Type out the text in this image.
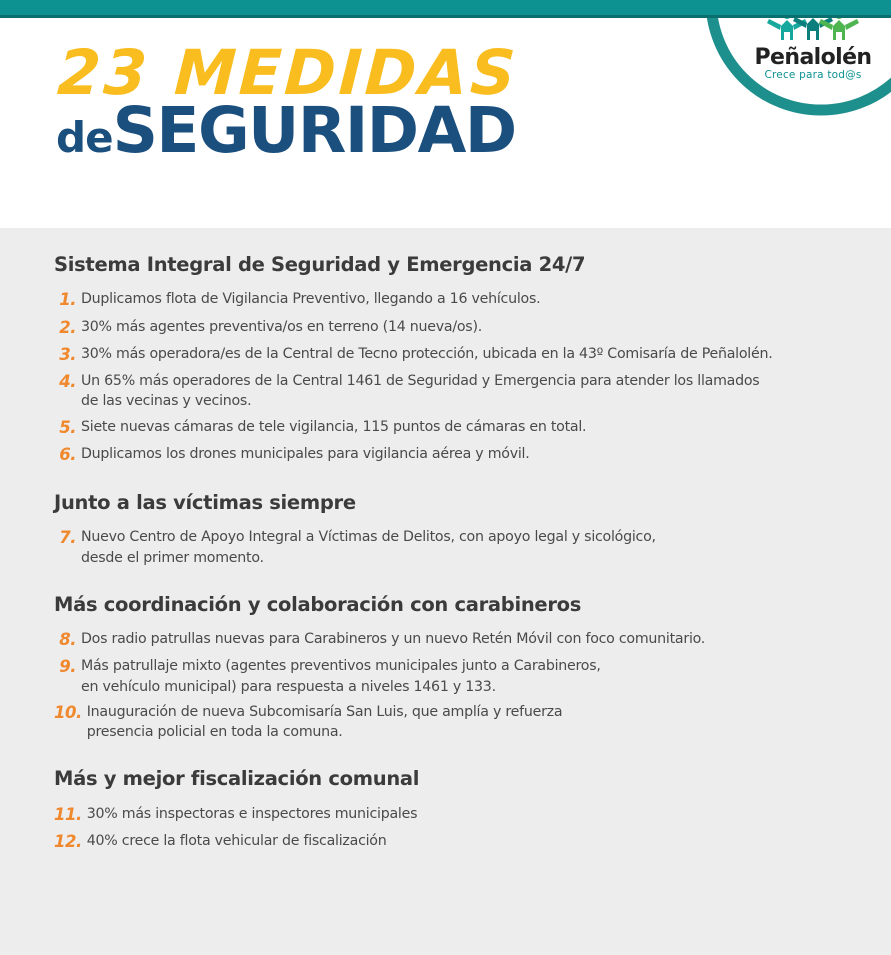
Peñalolén
Crece para tod@s
23 MEDIDAS
deSEGURIDAD
Sistema Integral de Seguridad y Emergencia 24/7
1. Duplicamos flota de Vigilancia Preventivo, llegando a 16 vehículos.
2. 30% más agentes preventiva/os en terreno (14 nueva/os).
3. 30% más operadora/es de la Central de Tecno protección, ubicada en la 43º Comisaría de Peñalolén.
4. Un 65% más operadores de la Central 1461 de Seguridad y Emergencia para atender los llamados
de las vecinas y vecinos.
5. Siete nuevas cámaras de tele vigilancia, 115 puntos de cámaras en total.
6. Duplicamos los drones municipales para vigilancia aérea y móvil.
Junto a las víctimas siempre
7. Nuevo Centro de Apoyo Integral a Víctimas de Delitos, con apoyo legal y sicológico,
desde el primer momento.
Más coordinación y colaboración con carabineros
8. Dos radio patrullas nuevas para Carabineros y un nuevo Retén Móvil con foco comunitario.
9. Más patrullaje mixto (agentes preventivos municipales junto a Carabineros,
en vehículo municipal) para respuesta a niveles 1461 y 133.
10. Inauguración de nueva Subcomisaría San Luis, que amplía y refuerza
presencia policial en toda la comuna.
Más y mejor fiscalización comunal
11. 30% más inspectoras e inspectores municipales
12. 40% crece la flota vehicular de fiscalización
